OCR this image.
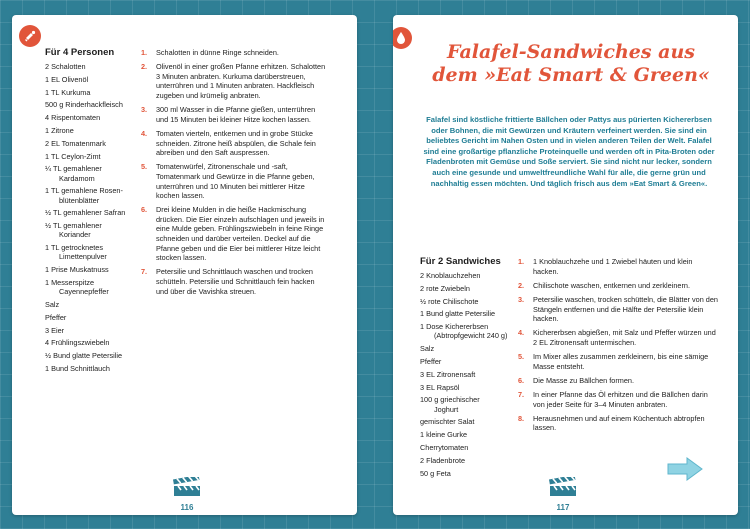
Für 4 Personen
2 Schalotten
1 EL Olivenöl
1 TL Kurkuma
500 g Rinderhackfleisch
4 Rispentomaten
1 Zitrone
2 EL Tomatenmark
1 TL Ceylon-Zimt
¼ TL gemahlener
Kardamom
1 TL gemahlene Rosen-
blütenblätter
½ TL gemahlener Safran
½ TL gemahlener
Koriander
1 TL getrocknetes
Limettenpulver
1 Prise Muskatnuss
1 Messerspitze
Cayennepfeffer
Salz
Pfeffer
3 Eier
4 Frühlingszwiebeln
½ Bund glatte Petersilie
1 Bund Schnittlauch
1. Schalotten in dünne Ringe schneiden.
2. Olivenöl in einer großen Pfanne erhitzen. Schalotten 3 Minuten anbraten. Kurkuma darüberstreuen, unterrühren und 1 Minuten anbraten. Hackfleisch zugeben und krümelig anbraten.
3. 300 ml Wasser in die Pfanne gießen, unterrühren und 15 Minuten bei kleiner Hitze kochen lassen.
4. Tomaten vierteln, entkernen und in grobe Stücke schneiden. Zitrone heiß abspülen, die Schale fein abreiben und den Saft auspressen.
5. Tomatenwürfel, Zitronenschale und -saft, Tomatenmark und Gewürze in die Pfanne geben, unterrühren und 10 Minuten bei mittlerer Hitze kochen lassen.
6. Drei kleine Mulden in die heiße Hackmischung drücken. Die Eier einzeln aufschlagen und jeweils in eine Mulde geben. Frühlingszwiebeln in feine Ringe schneiden und darüber verteilen. Deckel auf die Pfanne geben und die Eier bei mittlerer Hitze leicht stocken lassen.
7. Petersilie und Schnittlauch waschen und trocken schütteln. Petersilie und Schnittlauch fein hacken und über die Vavishka streuen.
116
Falafel-Sandwiches aus dem »Eat Smart & Green«
Falafel sind köstliche frittierte Bällchen oder Pattys aus pürierten Kichererbsen oder Bohnen, die mit Gewürzen und Kräutern verfeinert werden. Sie sind ein beliebtes Gericht im Nahen Osten und in vielen anderen Teilen der Welt. Falafel sind eine großartige pflanzliche Proteinquelle und werden oft in Pita-Broten oder Fladenbroten mit Gemüse und Soße serviert. Sie sind nicht nur lecker, sondern auch eine gesunde und umweltfreundliche Wahl für alle, die gerne grün und nachhaltig essen möchten. Und täglich frisch aus dem »Eat Smart & Green«.
Für 2 Sandwiches
2 Knoblauchzehen
2 rote Zwiebeln
½ rote Chilischote
1 Bund glatte Petersilie
1 Dose Kichererbsen
(Abtropfgewicht 240 g)
Salz
Pfeffer
3 EL Zitronensaft
3 EL Rapsöl
100 g griechischer
Joghurt
gemischter Salat
1 kleine Gurke
Cherrytomaten
2 Fladenbrote
50 g Feta
1. 1 Knoblauchzehe und 1 Zwiebel häuten und klein hacken.
2. Chilischote waschen, entkernen und zerkleinern.
3. Petersilie waschen, trocken schütteln, die Blätter von den Stängeln entfernen und die Hälfte der Petersilie klein hacken.
4. Kichererbsen abgießen, mit Salz und Pfeffer würzen und 2 EL Zitronensaft untermischen.
5. Im Mixer alles zusammen zerkleinern, bis eine sämige Masse entsteht.
6. Die Masse zu Bällchen formen.
7. In einer Pfanne das Öl erhitzen und die Bällchen darin von jeder Seite für 3–4 Minuten anbraten.
8. Herausnehmen und auf einem Küchentuch abtropfen lassen.
117
